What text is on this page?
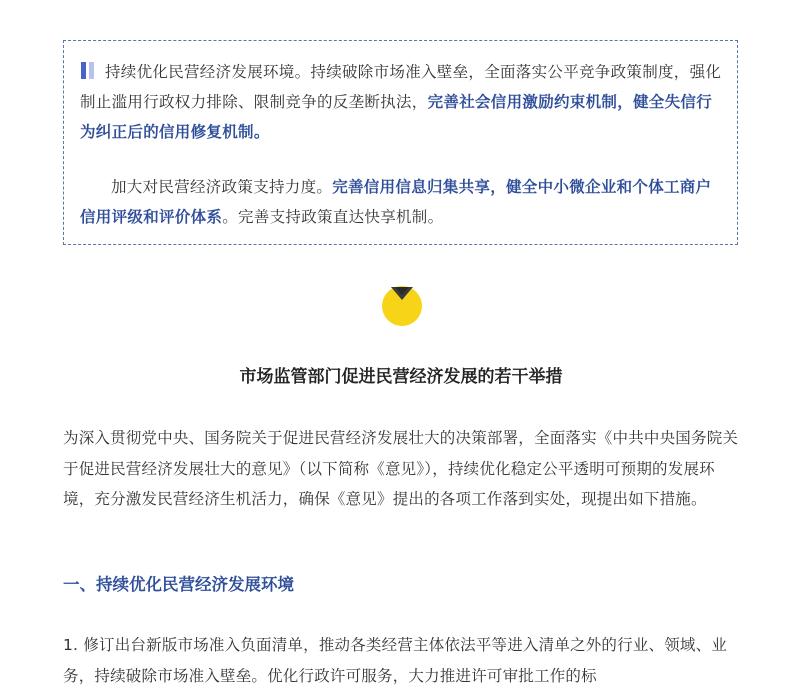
持续优化民营经济发展环境。持续破除市场准入壁垒，全面落实公平竞争政策制度，强化制止滥用行政权力排除、限制竞争的反垄断执法，完善社会信用激励约束机制，健全失信行为纠正后的信用修复机制。

加大对民营经济政策支持力度。完善信用信息归集共享，健全中小微企业和个体工商户信用评级和评价体系。完善支持政策直达快享机制。

市场监管部门促进民营经济发展的若干举措

为深入贯彻党中央、国务院关于促进民营经济发展壮大的决策部署，全面落实《中共中央国务院关于促进民营经济发展壮大的意见》（以下简称《意见》），持续优化稳定公平透明可预期的发展环境，充分激发民营经济生机活力，确保《意见》提出的各项工作落到实处，现提出如下措施。

一、持续优化民营经济发展环境

1. 修订出台新版市场准入负面清单，推动各类经营主体依法平等进入清单之外的行业、领域、业务，持续破除市场准入壁垒。优化行政许可服务，大力推进许可审批工作的标
